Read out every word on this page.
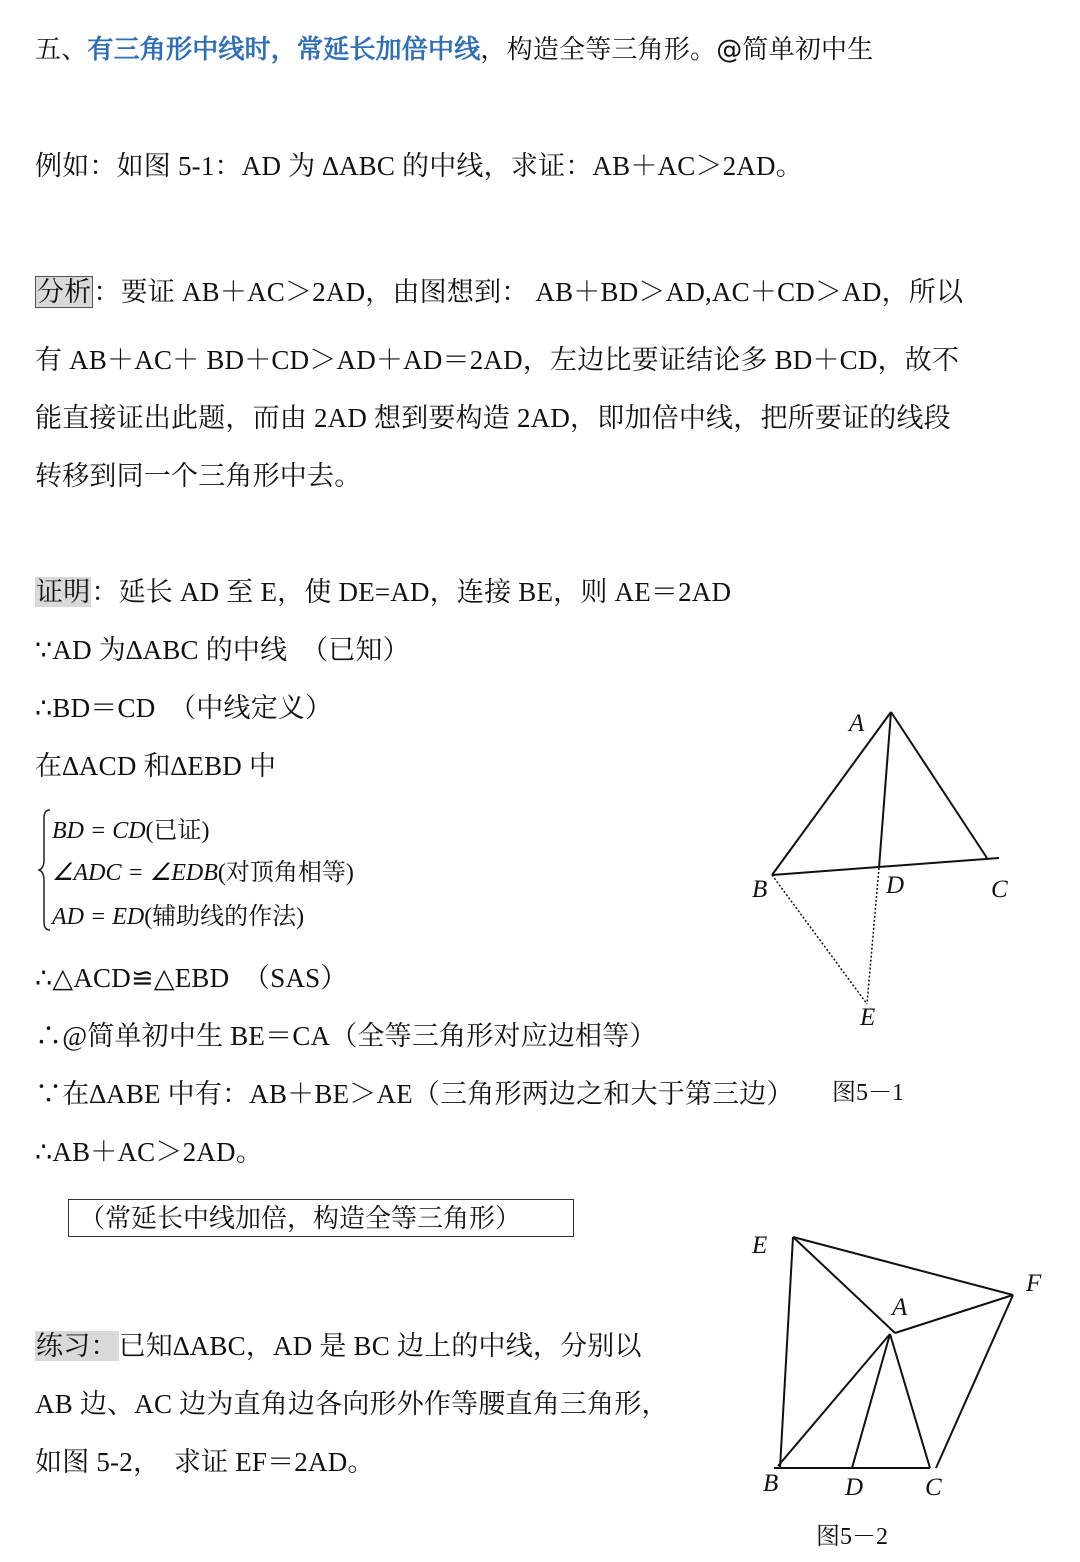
五、有三角形中线时，常延长加倍中线，构造全等三角形。@简单初中生
例如：如图 5-1：AD 为 ∆ABC 的中线，求证：AB＋AC＞2AD。
分析：要证 AB＋AC＞2AD，由图想到： AB＋BD＞AD,AC＋CD＞AD，所以
有 AB＋AC＋ BD＋CD＞AD＋AD＝2AD，左边比要证结论多 BD＋CD，故不
能直接证出此题，而由 2AD 想到要构造 2AD，即加倍中线，把所要证的线段
转移到同一个三角形中去。
证明：延长 AD 至 E，使 DE=AD，连接 BE，则 AE＝2AD
∵AD 为∆ABC 的中线　（已知）
∴BD＝CD　（中线定义）
在∆ACD 和∆EBD 中
BD = CD(已证)
∠ADC = ∠EDB(对顶角相等)
AD = ED(辅助线的作法)
∴△ACD≌△EBD　（SAS）
∴@简单初中生 BE＝CA（全等三角形对应边相等）
∵在∆ABE 中有：AB＋BE＞AE（三角形两边之和大于第三边）
∴AB＋AC＞2AD。
（常延长中线加倍，构造全等三角形）
练习：已知∆ABC，AD 是 BC 边上的中线，分别以
AB 边、AC 边为直角边各向形外作等腰直角三角形，
如图 5-2，　求证 EF＝2AD。
A
B	D	C
E
图5－1
E
F
A
B	D C
图5－2
